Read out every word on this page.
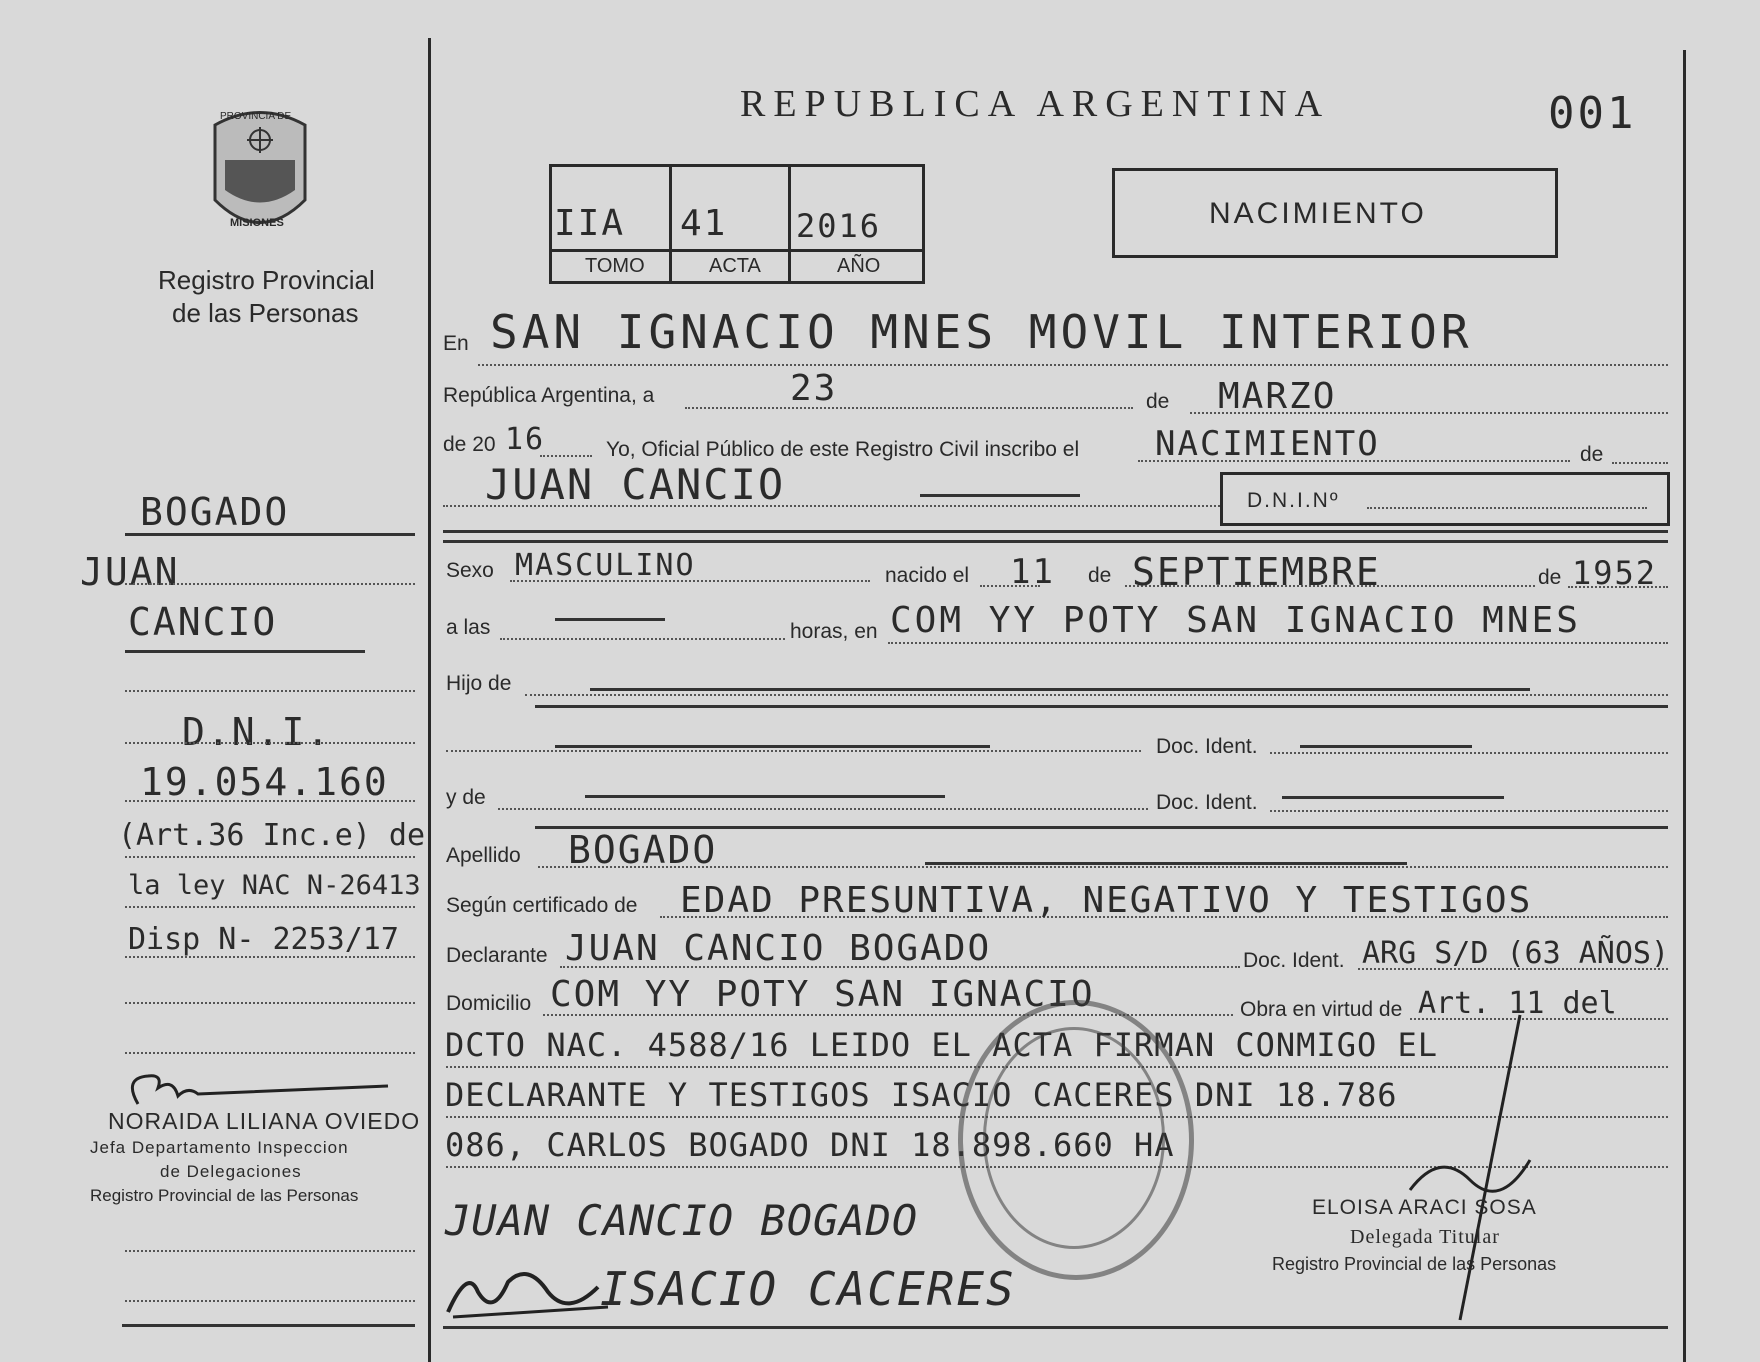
PROVINCIA DE
MISIONES
Registro Provincial
de las Personas
REPUBLICA ARGENTINA	001
IIA 41 2016
TOMO	ACTA	AÑO
NACIMIENTO
BOGADO
JUAN
CANCIO
D.N.I.
19.054.160
(Art.36 Inc.e) de
la ley NAC N-26413
Disp N- 2253/17
NORAIDA LILIANA OVIEDO
Jefa Departamento Inspeccion
de Delegaciones
Registro Provincial de las Personas
En SAN IGNACIO MNES MOVIL INTERIOR
República Argentina, a	23	de MARZO
de 20 16	Yo, Oficial Público de este Registro Civil inscribo el NACIMIENTO	de
JUAN CANCIO	D.N.I.Nº
Sexo MASCULINO	nacido el 11 de SEPTIEMBRE	de 1952
a las	horas, en COM YY POTY SAN IGNACIO MNES
Hijo de
Doc. Ident.
y de	Doc. Ident.
Apellido BOGADO
Según certificado de EDAD PRESUNTIVA, NEGATIVO Y TESTIGOS
Declarante JUAN CANCIO BOGADO	Doc. Ident. ARG S/D (63 AÑOS)
Domicilio COM YY POTY SAN IGNACIO	Obra en virtud de Art. 11 del
DCTO NAC. 4588/16 LEIDO EL ACTA FIRMAN CONMIGO EL
DECLARANTE Y TESTIGOS ISACIO CACERES DNI 18.786
086, CARLOS BOGADO DNI 18.898.660 HA
JUAN CANCIO BOGADO
ISACIO CACERES
ELOISA ARACI SOSA
Delegada Titular
Registro Provincial de las Personas
